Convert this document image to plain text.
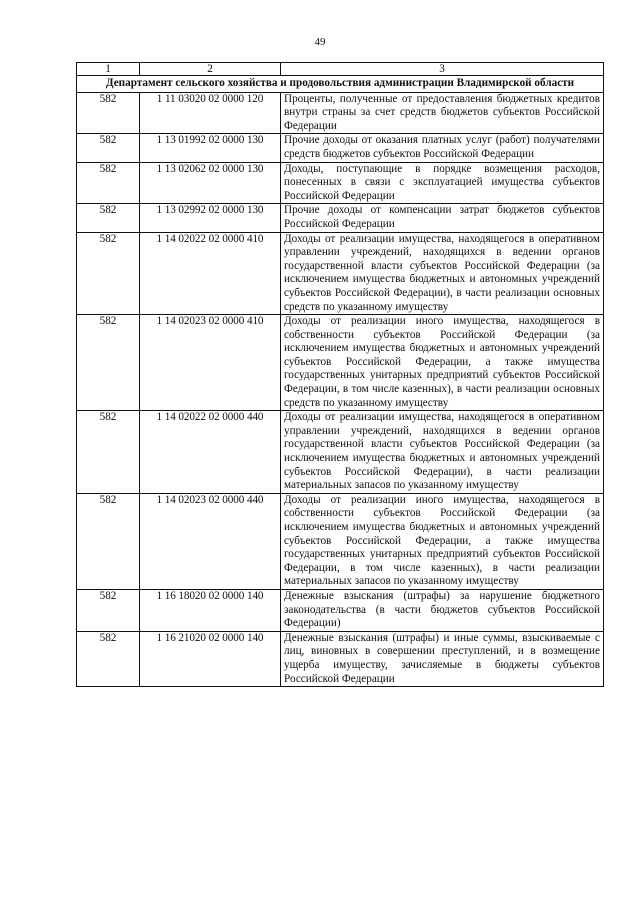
49
1	2	3
Департамент сельского хозяйства и продовольствия администрации Владимирской области		
582	1 11 03020 02 0000 120	Проценты, полученные от предоставления бюджетных кредитов внутри страны за счет средств бюджетов субъектов Российской Федерации
582	1 13 01992 02 0000 130	Прочие доходы от оказания платных услуг (работ) получателями средств бюджетов субъектов Российской Федерации
582	1 13 02062 02 0000 130	Доходы, поступающие в порядке возмещения расходов, понесенных в связи с эксплуатацией имущества субъектов Российской Федерации
582	1 13 02992 02 0000 130	Прочие доходы от компенсации затрат бюджетов субъектов Российской Федерации
582	1 14 02022 02 0000 410	Доходы от реализации имущества, находящегося в оперативном управлении учреждений, находящихся в ведении органов государственной власти субъектов Российской Федерации (за исключением имущества бюджетных и автономных учреждений субъектов Российской Федерации), в части реализации основных средств по указанному имуществу
582	1 14 02023 02 0000 410	Доходы от реализации иного имущества, находящегося в собственности субъектов Российской Федерации (за исключением имущества бюджетных и автономных учреждений субъектов Российской Федерации, а также имущества государственных унитарных предприятий субъектов Российской Федерации, в том числе казенных), в части реализации основных средств по указанному имуществу
582	1 14 02022 02 0000 440	Доходы от реализации имущества, находящегося в оперативном управлении учреждений, находящихся в ведении органов государственной власти субъектов Российской Федерации (за исключением имущества бюджетных и автономных учреждений субъектов Российской Федерации), в части реализации материальных запасов по указанному имуществу
582	1 14 02023 02 0000 440	Доходы от реализации иного имущества, находящегося в собственности субъектов Российской Федерации (за исключением имущества бюджетных и автономных учреждений субъектов Российской Федерации, а также имущества государственных унитарных предприятий субъектов Российской Федерации, в том числе казенных), в части реализации материальных запасов по указанному имуществу
582	1 16 18020 02 0000 140	Денежные взыскания (штрафы) за нарушение бюджетного законодательства (в части бюджетов субъектов Российской Федерации)
582	1 16 21020 02 0000 140	Денежные взыскания (штрафы) и иные суммы, взыскиваемые с лиц, виновных в совершении преступлений, и в возмещение ущерба имуществу, зачисляемые в бюджеты субъектов Российской Федерации
